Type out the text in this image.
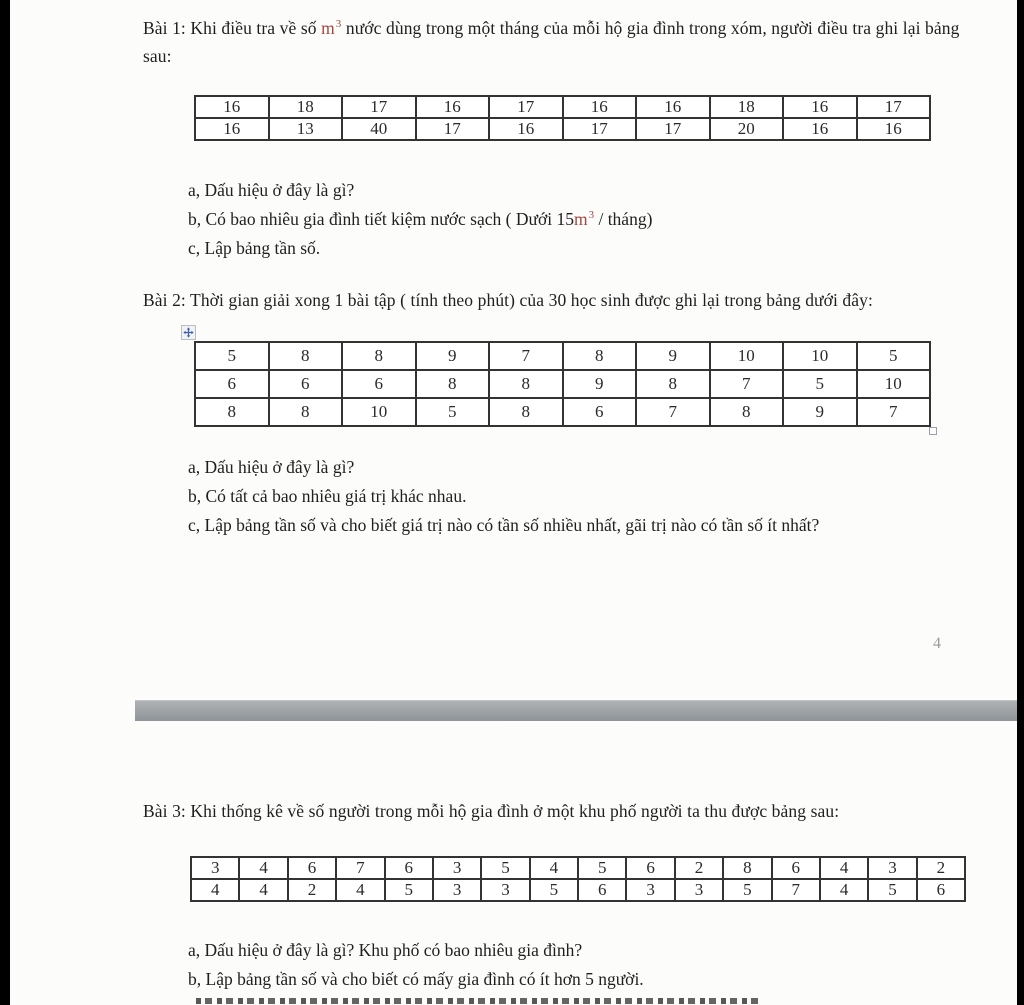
Bài 1: Khi điều tra về số $m^3$ nước dùng trong một tháng của mỗi hộ gia đình trong xóm, người điều tra ghi lại bảng sau:
16	18	17	16	17	16	16	18	16	17
16	13	40	17	16	17	17	20	16	16
a, Dấu hiệu ở đây là gì?
b, Có bao nhiêu gia đình tiết kiệm nước sạch ( Dưới $15m^3$ / tháng)
c, Lập bảng tần số.
Bài 2: Thời gian giải xong 1 bài tập ( tính theo phút) của 30 học sinh được ghi lại trong bảng dưới đây:
5	8	8	9	7	8	9	10	10	5
6	6	6	8	8	9	8	7	5	10
8	8	10	5	8	6	7	8	9	7
a, Dấu hiệu ở đây là gì?
b, Có tất cả bao nhiêu giá trị khác nhau.
c, Lập bảng tần số và cho biết giá trị nào có tần số nhiều nhất, gãi trị nào có tần số ít nhất?
4
Bài 3: Khi thống kê về số người trong mỗi hộ gia đình ở một khu phố người ta thu được bảng sau:
3	4	6	7	6	3	5	4	5	6	2	8	6	4	3	2
4	4	2	4	5	3	3	5	6	3	3	5	7	4	5	6
a, Dấu hiệu ở đây là gì? Khu phố có bao nhiêu gia đình?
b, Lập bảng tần số và cho biết có mấy gia đình có ít hơn 5 người.
